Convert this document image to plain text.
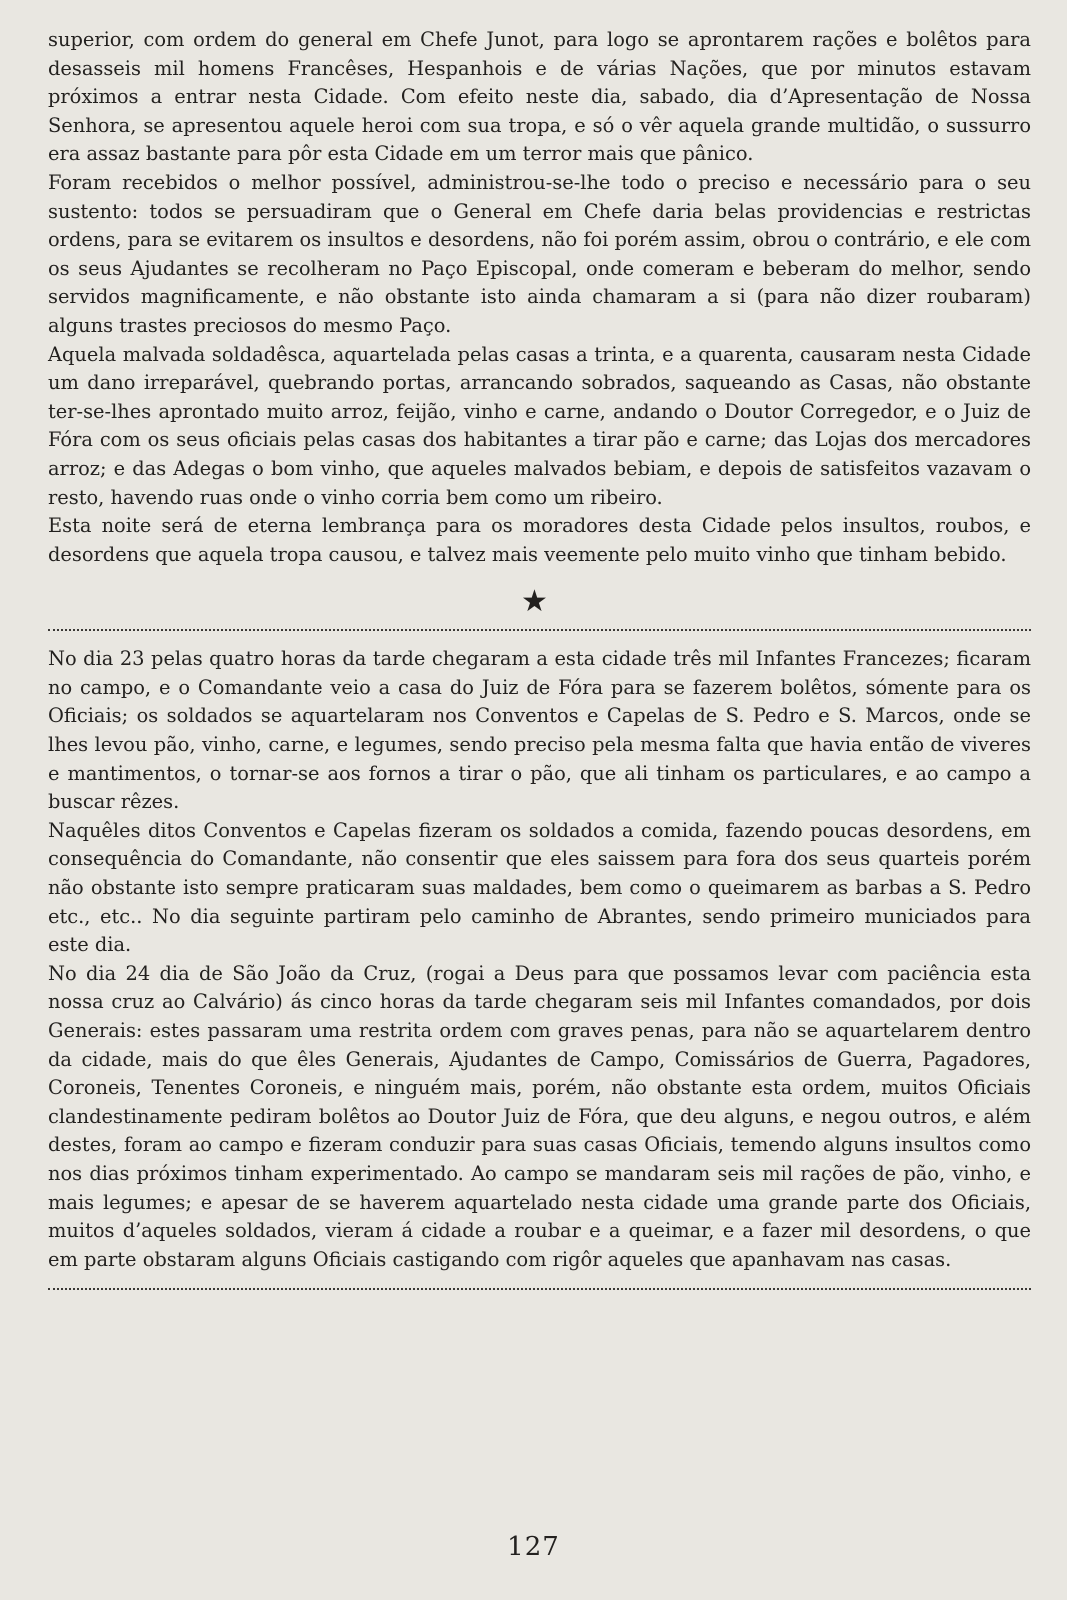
superior, com ordem do general em Chefe Junot, para logo se aprontarem rações e bolêtos para desasseis mil homens Francêses, Hespanhois e de várias Nações, que por minutos estavam próximos a entrar nesta Cidade. Com efeito neste dia, sabado, dia d’Apresentação de Nossa Senhora, se apresentou aquele heroi com sua tropa, e só o vêr aquela grande multidão, o sussurro era assaz bastante para pôr esta Cidade em um terror mais que pânico.

Foram recebidos o melhor possível, administrou-se-lhe todo o preciso e necessário para o seu sustento: todos se persuadiram que o General em Chefe daria belas providencias e restrictas ordens, para se evitarem os insultos e desordens, não foi porém assim, obrou o contrário, e ele com os seus Ajudantes se recolheram no Paço Episcopal, onde comeram e beberam do melhor, sendo servidos magnificamente, e não obstante isto ainda chamaram a si (para não dizer roubaram) alguns trastes preciosos do mesmo Paço.

Aquela malvada soldadêsca, aquartelada pelas casas a trinta, e a quarenta, causaram nesta Cidade um dano irreparável, quebrando portas, arrancando sobrados, saqueando as Casas, não obstante ter-se-lhes aprontado muito arroz, feijão, vinho e carne, andando o Doutor Corregedor, e o Juiz de Fóra com os seus oficiais pelas casas dos habitantes a tirar pão e carne; das Lojas dos mercadores arroz; e das Adegas o bom vinho, que aqueles malvados bebiam, e depois de satisfeitos vazavam o resto, havendo ruas onde o vinho corria bem como um ribeiro.

Esta noite será de eterna lembrança para os moradores desta Cidade pelos insultos, roubos, e desordens que aquela tropa causou, e talvez mais veemente pelo muito vinho que tinham bebido.

★

No dia 23 pelas quatro horas da tarde chegaram a esta cidade três mil Infantes Francezes; ficaram no campo, e o Comandante veio a casa do Juiz de Fóra para se fazerem bolêtos, sómente para os Oficiais; os soldados se aquartelaram nos Conventos e Capelas de S. Pedro e S. Marcos, onde se lhes levou pão, vinho, carne, e legumes, sendo preciso pela mesma falta que havia então de viveres e mantimentos, o tornar-se aos fornos a tirar o pão, que ali tinham os particulares, e ao campo a buscar rêzes.

Naquêles ditos Conventos e Capelas fizeram os soldados a comida, fazendo poucas desordens, em consequência do Comandante, não consentir que eles saissem para fora dos seus quarteis porém não obstante isto sempre praticaram suas maldades, bem como o queimarem as barbas a S. Pedro etc., etc.. No dia seguinte partiram pelo caminho de Abrantes, sendo primeiro municiados para este dia.

No dia 24 dia de São João da Cruz, (rogai a Deus para que possamos levar com paciência esta nossa cruz ao Calvário) ás cinco horas da tarde chegaram seis mil Infantes comandados, por dois Generais: estes passaram uma restrita ordem com graves penas, para não se aquartelarem dentro da cidade, mais do que êles Generais, Ajudantes de Campo, Comissários de Guerra, Pagadores, Coroneis, Tenentes Coroneis, e ninguém mais, porém, não obstante esta ordem, muitos Oficiais clandestinamente pediram bolêtos ao Doutor Juiz de Fóra, que deu alguns, e negou outros, e além destes, foram ao campo e fizeram conduzir para suas casas Oficiais, temendo alguns insultos como nos dias próximos tinham experimentado. Ao campo se mandaram seis mil rações de pão, vinho, e mais legumes; e apesar de se haverem aquartelado nesta cidade uma grande parte dos Oficiais, muitos d’aqueles soldados, vieram á cidade a roubar e a queimar, e a fazer mil desordens, o que em parte obstaram alguns Oficiais castigando com rigôr aqueles que apanhavam nas casas.

127
